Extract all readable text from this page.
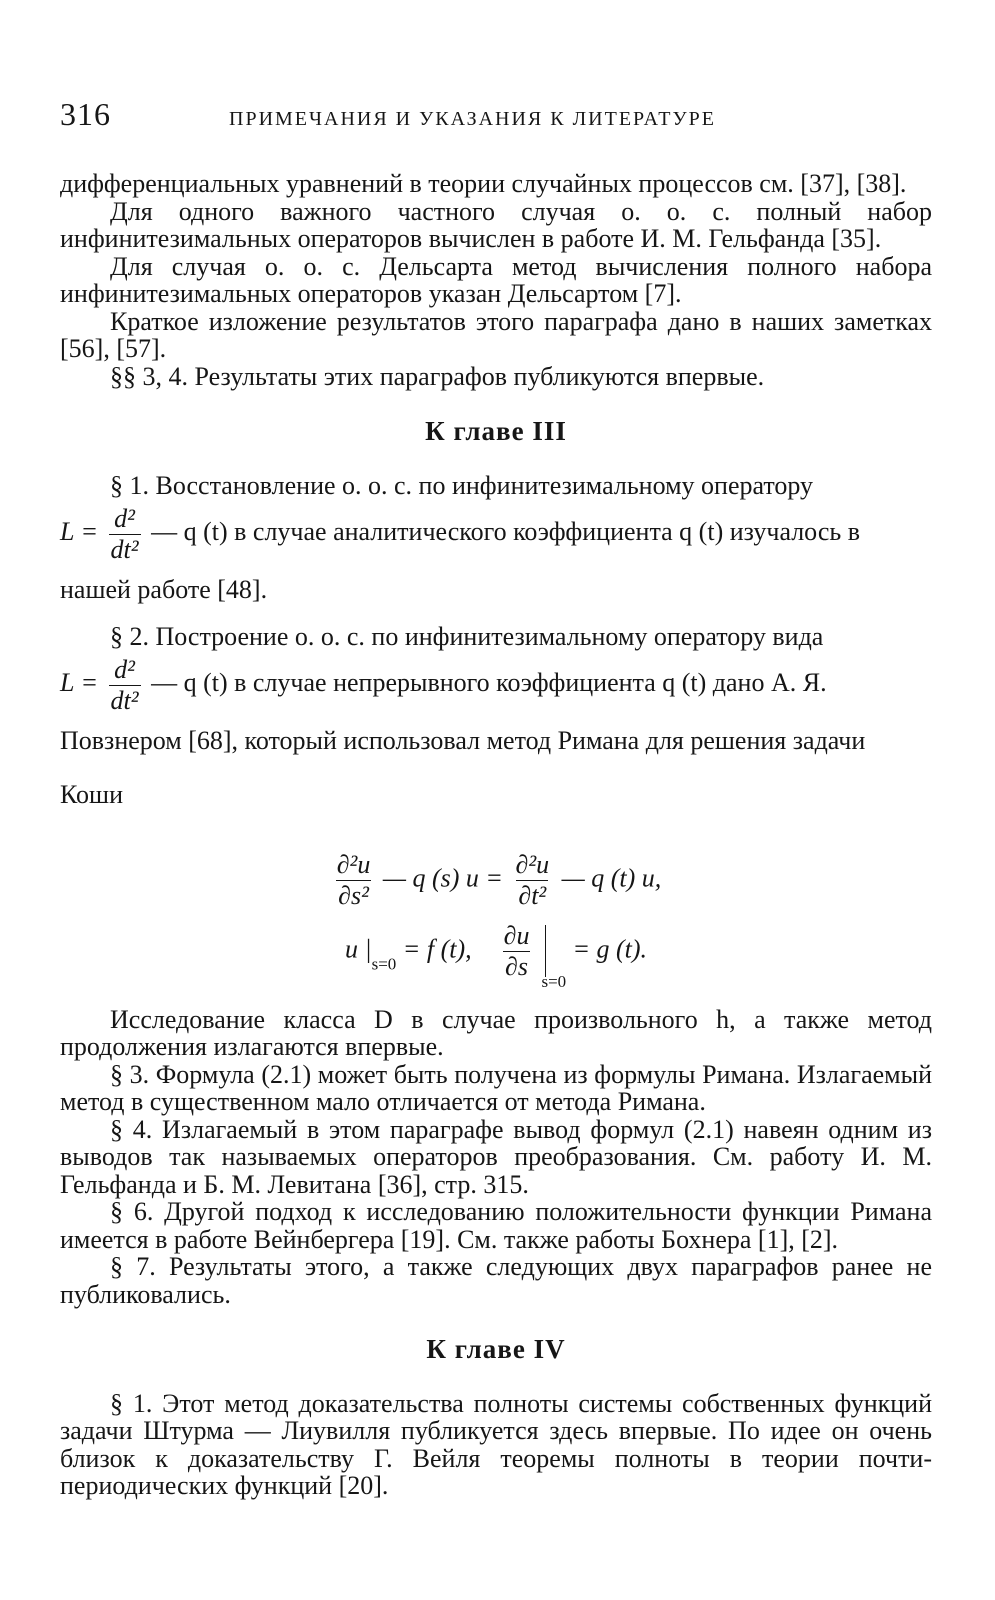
316	ПРИМЕЧАНИЯ И УКАЗАНИЯ К ЛИТЕРАТУРЕ

дифференциальных уравнений в теории случайных процессов см. [37], [38].

Для одного важного частного случая о. о. с. полный набор инфинитезимальных операторов вычислен в работе И. М. Гельфанда [35].

Для случая о. о. с. Дельсарта метод вычисления полного набора инфинитезимальных операторов указан Дельсартом [7].

Краткое изложение результатов этого параграфа дано в наших заметках [56], [57].

§§ 3, 4. Результаты этих параграфов публикуются впервые.

К главе III

§ 1. Восстановление о. о. с. по инфинитезимальному оператору

$L = \frac{\text{d²}}{\text{dt²}}$ — q (t) в случае аналитического коэффициента q (t) изучалось в нашей работе [48].

§ 2. Построение о. о. с. по инфинитезимальному оператору вида

$L = \frac{\text{d²}}{\text{dt²}}$ — q (t) в случае непрерывного коэффициента q (t) дано А. Я. Повзнером [68], который использовал метод Римана для решения задачи Коши
$\frac{\text{∂²u}}{\text{∂s²}}$ — q (s) $u = \frac{\text{∂²u}}{\text{∂t²}}$ — q (t) u,
u $|_{s=0} = f$ (t), $\frac{\partial u}{\partial s}$
s=0
= g (t).

Исследование класса D в случае произвольного h, а также метод продолжения излагаются впервые.

§ 3. Формула (2.1) может быть получена из формулы Римана. Излагаемый метод в существенном мало отличается от метода Римана.

§ 4. Излагаемый в этом параграфе вывод формул (2.1) навеян одним из выводов так называемых операторов преобразования. См. работу И. М. Гельфанда и Б. М. Левитана [36], стр. 315.

§ 6. Другой подход к исследованию положительности функции Римана имеется в работе Вейнбергера [19]. См. также работы Бохнера [1], [2].

§ 7. Результаты этого, а также следующих двух параграфов ранее не публиковались.

К главе IV

§ 1. Этот метод доказательства полноты системы собственных функций задачи Штурма — Лиувилля публикуется здесь впервые. По идее он очень близок к доказательству Г. Вейля теоремы полноты в теории почти-периодических функций [20].
